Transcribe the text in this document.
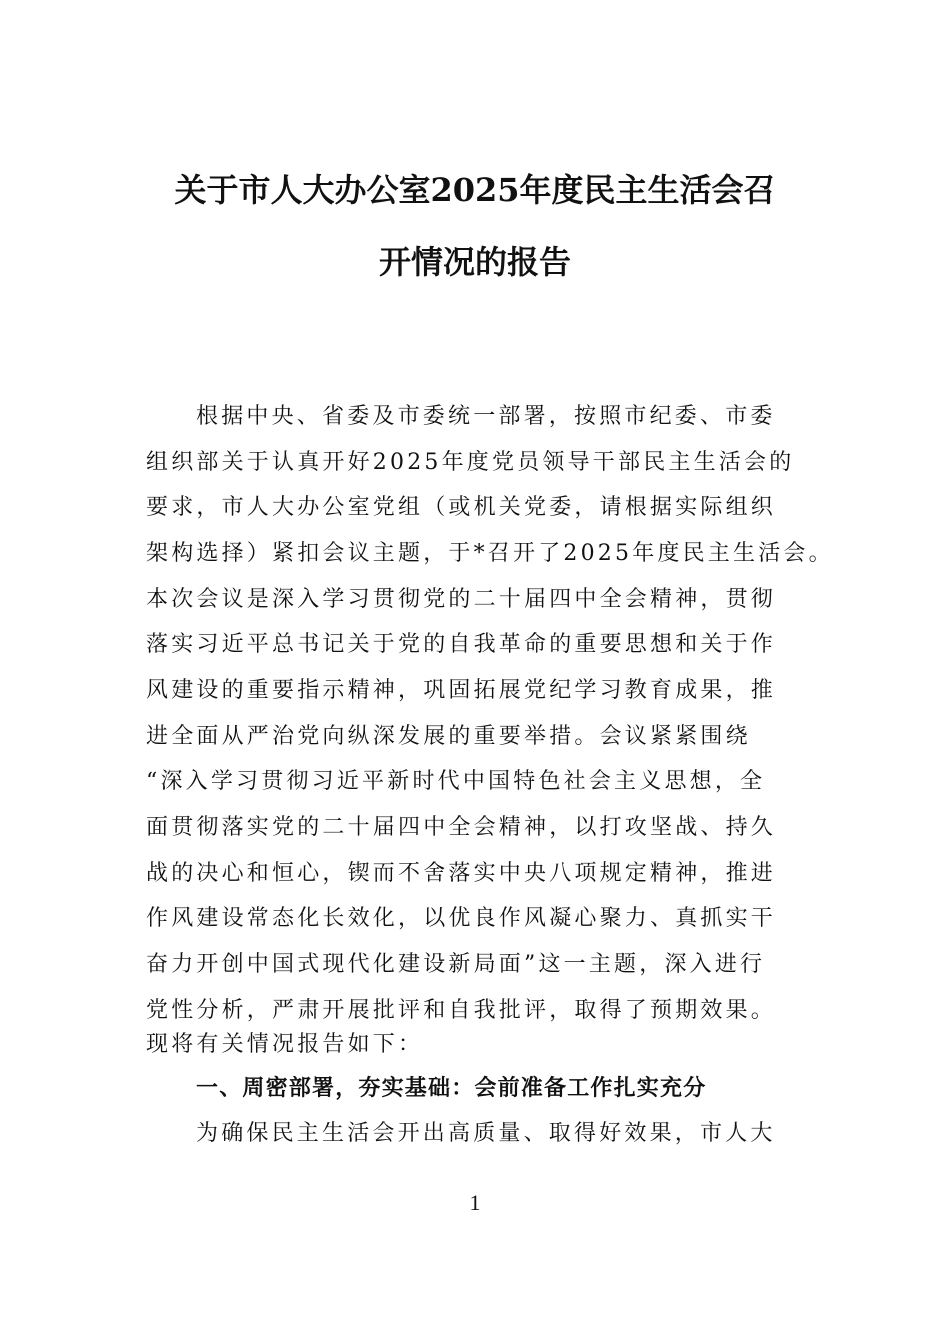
关于市人大办公室2025年度民主生活会召
开情况的报告

根据中央、省委及市委统一部署，按照市纪委、市委

组织部关于认真开好2025年度党员领导干部民主生活会的

要求，市人大办公室党组（或机关党委，请根据实际组织

架构选择）紧扣会议主题，于*召开了2025年度民主生活会。

本次会议是深入学习贯彻党的二十届四中全会精神，贯彻

落实习近平总书记关于党的自我革命的重要思想和关于作

风建设的重要指示精神，巩固拓展党纪学习教育成果，推

进全面从严治党向纵深发展的重要举措。会议紧紧围绕

“深入学习贯彻习近平新时代中国特色社会主义思想，全

面贯彻落实党的二十届四中全会精神，以打攻坚战、持久

战的决心和恒心，锲而不舍落实中央八项规定精神，推进

作风建设常态化长效化，以优良作风凝心聚力、真抓实干

奋力开创中国式现代化建设新局面”这一主题，深入进行

党性分析，严肃开展批评和自我批评，取得了预期效果。

现将有关情况报告如下：

一、周密部署，夯实基础：会前准备工作扎实充分

为确保民主生活会开出高质量、取得好效果，市人大

1
